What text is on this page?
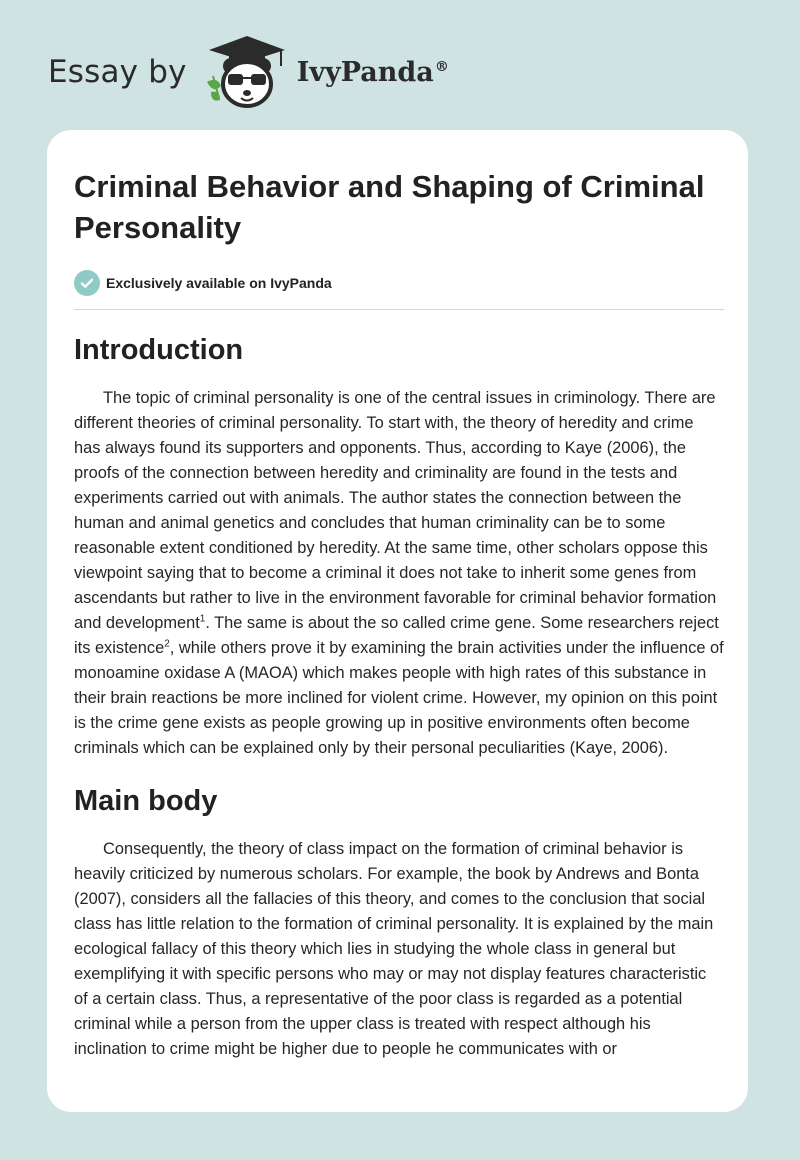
Essay by	IvyPanda®
Criminal Behavior and Shaping of Criminal Personality
Exclusively available on IvyPanda
Introduction

The topic of criminal personality is one of the central issues in criminology. There are different theories of criminal personality. To start with, the theory of heredity and crime has always found its supporters and opponents. Thus, according to Kaye (2006), the proofs of the connection between heredity and criminality are found in the tests and experiments carried out with animals. The author states the connection between the human and animal genetics and concludes that human criminality can be to some reasonable extent conditioned by heredity. At the same time, other scholars oppose this viewpoint saying that to become a criminal it does not take to inherit some genes from ascendants but rather to live in the environment favorable for criminal behavior formation and development$^1$. The same is about the so called crime gene. Some researchers reject its existence$^2$, while others prove it by examining the brain activities under the influence of monoamine oxidase A (MAOA) which makes people with high rates of this substance in their brain reactions be more inclined for violent crime. However, my opinion on this point is the crime gene exists as people growing up in positive environments often become criminals which can be explained only by their personal peculiarities (Kaye, 2006).

Main body

Consequently, the theory of class impact on the formation of criminal behavior is heavily criticized by numerous scholars. For example, the book by Andrews and Bonta (2007), considers all the fallacies of this theory, and comes to the conclusion that social class has little relation to the formation of criminal personality. It is explained by the main ecological fallacy of this theory which lies in studying the whole class in general but exemplifying it with specific persons who may or may not display features characteristic of a certain class. Thus, a representative of the poor class is regarded as a potential criminal while a person from the upper class is treated with respect although his inclination to crime might be higher due to people he communicates with or
